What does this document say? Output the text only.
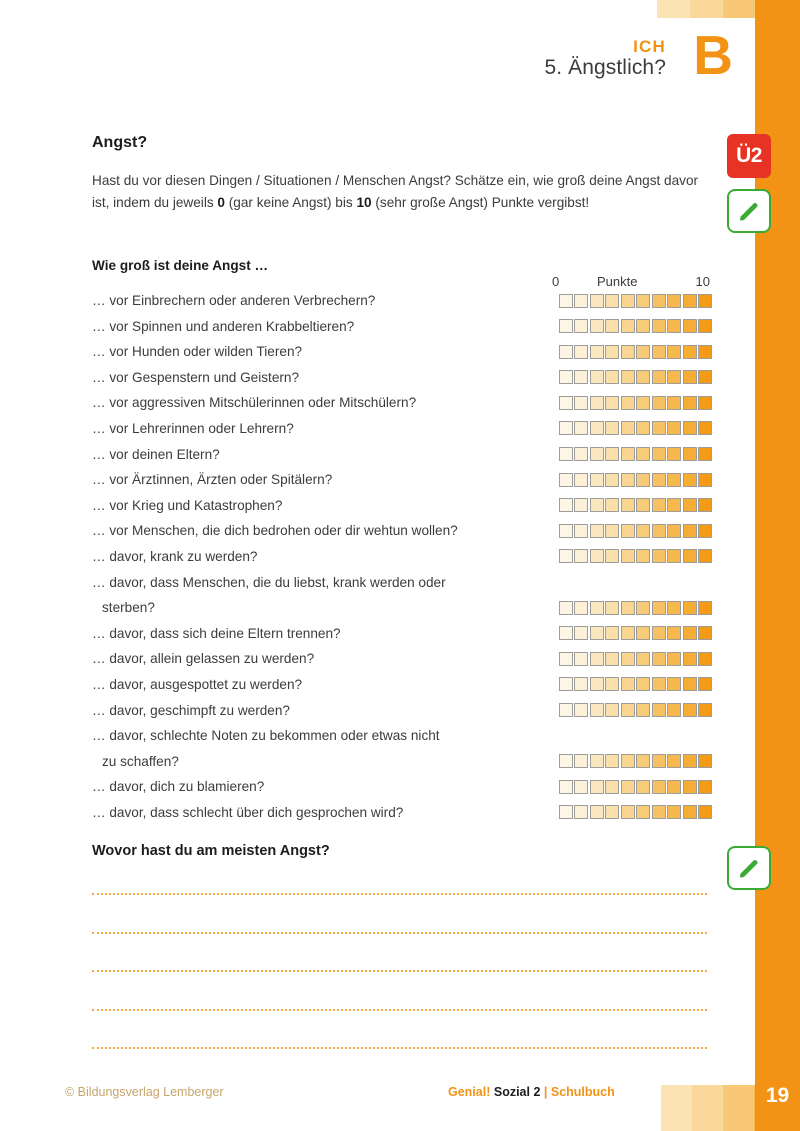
ICH
5. Ängstlich? B
Angst?
Hast du vor diesen Dingen / Situationen / Menschen Angst? Schätze ein, wie groß deine Angst davor ist, indem du jeweils 0 (gar keine Angst) bis 10 (sehr große Angst) Punkte vergibst!
Wie groß ist deine Angst …
Ü2
0	Punkte	10
… vor Einbrechern oder anderen Verbrechern?
… vor Spinnen und anderen Krabbeltieren?
… vor Hunden oder wilden Tieren?
… vor Gespenstern und Geistern?
… vor aggressiven Mitschülerinnen oder Mitschülern?
… vor Lehrerinnen oder Lehrern?
… vor deinen Eltern?
… vor Ärztinnen, Ärzten oder Spitälern?
… vor Krieg und Katastrophen?
… vor Menschen, die dich bedrohen oder dir wehtun wollen?
… davor, krank zu werden?
… davor, dass Menschen, die du liebst, krank werden oder
sterben?
… davor, dass sich deine Eltern trennen?
… davor, allein gelassen zu werden?
… davor, ausgespottet zu werden?
… davor, geschimpft zu werden?
… davor, schlechte Noten zu bekommen oder etwas nicht
zu schaffen?
… davor, dich zu blamieren?
… davor, dass schlecht über dich gesprochen wird?
Wovor hast du am meisten Angst?
© Bildungsverlag Lemberger	Genial! Sozial 2 | Schulbuch	19
